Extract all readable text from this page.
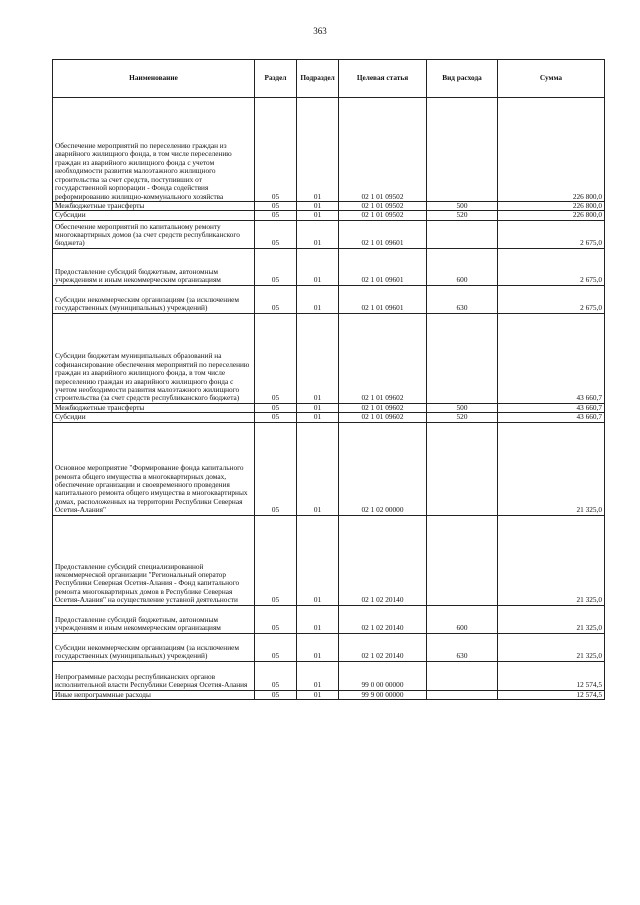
363
Наименование	Раздел	Подраздел	Целевая статья	Вид расхода	Сумма
Обеспечение мероприятий по переселению граждан из аварийного жилищного фонда, в том числе переселению граждан из аварийного жилищного фонда с учетом необходимости развития малоэтажного жилищного строительства за счет средств, поступивших от государственной корпорации - Фонда содействия реформированию жилищно-коммунального хозяйства	05	01	02 1 01 09502		226 800,0
Межбюджетные трансферты	05	01	02 1 01 09502	500	226 800,0
Субсидии	05	01	02 1 01 09502	520	226 800,0
Обеспечение мероприятий по капитальному ремонту многоквартирных домов (за счет средств республиканского бюджета)	05	01	02 1 01 09601		2 675,0
Предоставление субсидий бюджетным, автономным учреждениям и иным некоммерческим организациям	05	01	02 1 01 09601	600	2 675,0
Субсидии некоммерческим организациям (за исключением государственных (муниципальных) учреждений)	05	01	02 1 01 09601	630	2 675,0
Субсидии бюджетам муниципальных образований на софинансирование обеспечения мероприятий по переселению граждан из аварийного жилищного фонда, в том числе переселению граждан из аварийного жилищного фонда с учетом необходимости развития малоэтажного жилищного строительства (за счет средств республиканского бюджета)	05	01	02 1 01 09602		43 660,7
Межбюджетные трансферты	05	01	02 1 01 09602	500	43 660,7
Субсидии	05	01	02 1 01 09602	520	43 660,7
Основное мероприятие "Формирование фонда капитального ремонта общего имущества в многоквартирных домах, обеспечение организации и своевременного проведения капитального ремонта общего имущества в многоквартирных домах, расположенных на территории Республики Северная Осетия-Алания"	05	01	02 1 02 00000		21 325,0
Предоставление субсидий специализированной некоммерческой организации "Региональный оператор Республики Северная Осетия-Алания - Фонд капитального ремонта многоквартирных домов в Республике Северная Осетия-Алания" на осуществление уставной деятельности	05	01	02 1 02 20140		21 325,0
Предоставление субсидий бюджетным, автономным учреждениям и иным некоммерческим организациям	05	01	02 1 02 20140	600	21 325,0
Субсидии некоммерческим организациям (за исключением государственных (муниципальных) учреждений)	05	01	02 1 02 20140	630	21 325,0
Непрограммные расходы республиканских органов исполнительной власти Республики Северная Осетия-Алания	05	01	99 0 00 00000		12 574,5
Иные непрограммные расходы	05	01	99 9 00 00000		12 574,5
